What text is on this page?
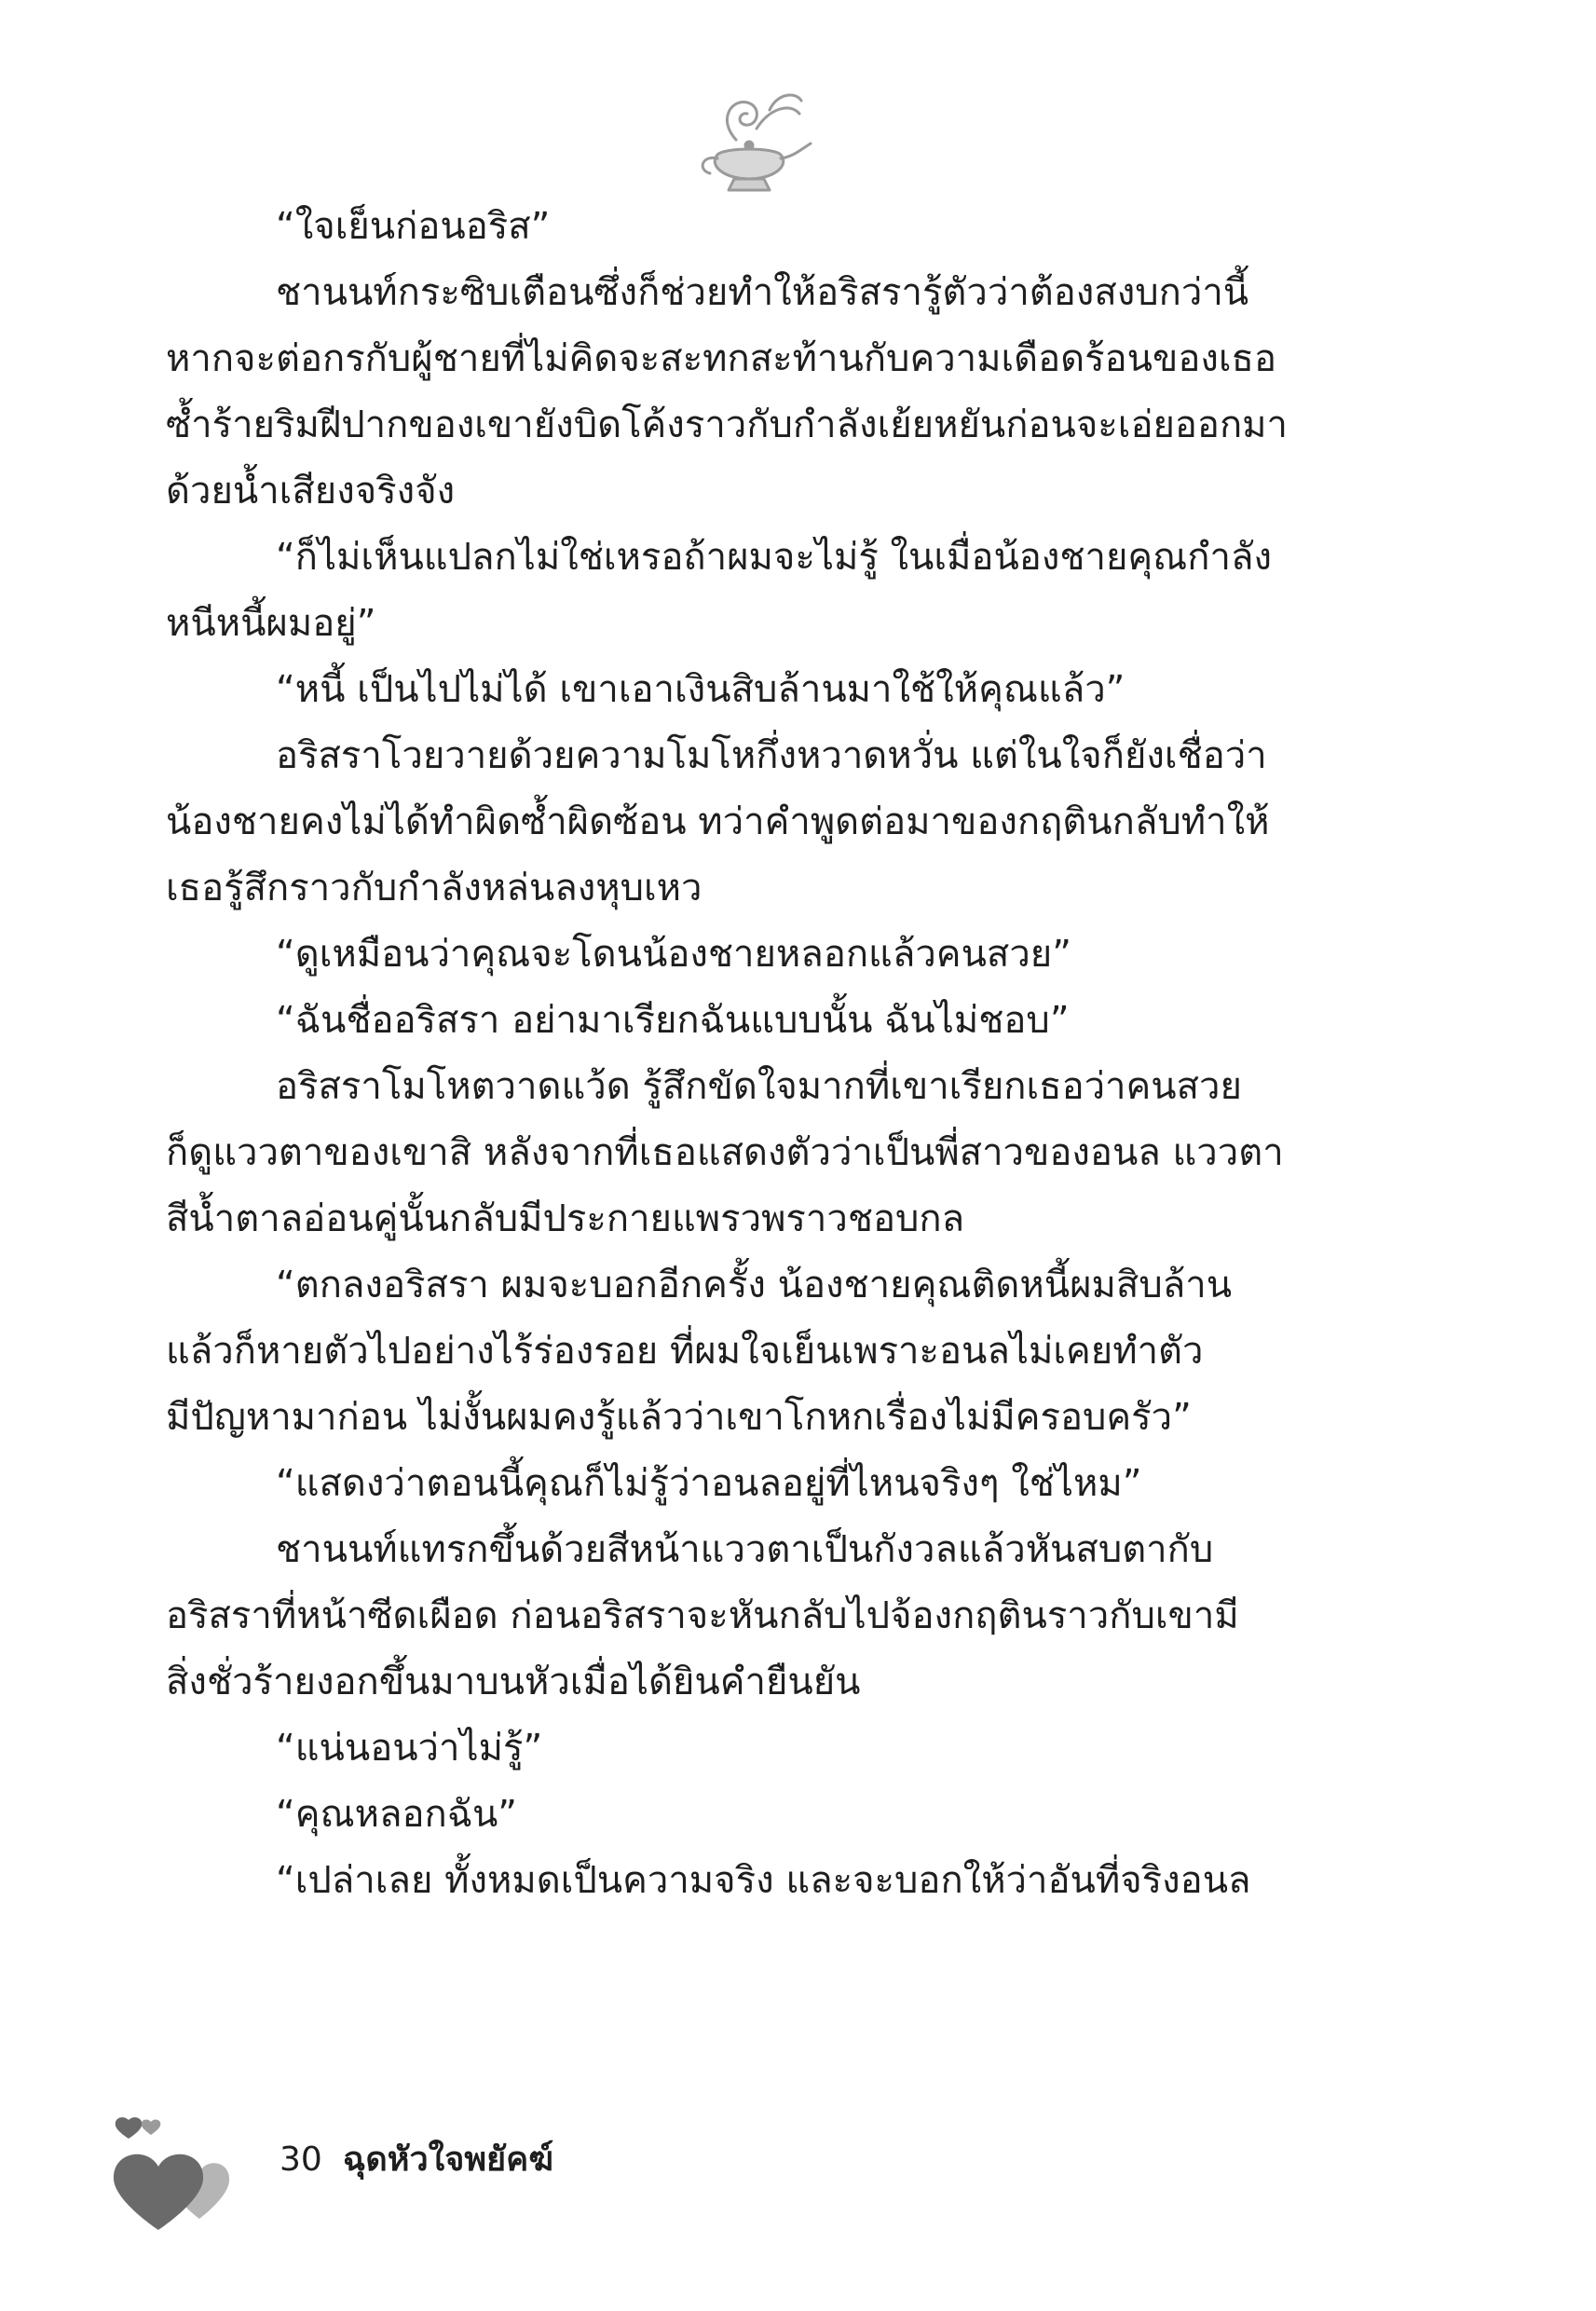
“ใจเย็นก่อนอริส”

ชานนท์กระซิบเตือนซึ่งก็ช่วยทำให้อริสรารู้ตัวว่าต้องสงบกว่านี้

หากจะต่อกรกับผู้ชายที่ไม่คิดจะสะทกสะท้านกับความเดือดร้อนของเธอ

ซ้ำร้ายริมฝีปากของเขายังบิดโค้งราวกับกำลังเย้ยหยันก่อนจะเอ่ยออกมา

ด้วยน้ำเสียงจริงจัง

“ก็ไม่เห็นแปลกไม่ใช่เหรอถ้าผมจะไม่รู้ ในเมื่อน้องชายคุณกำลัง

หนีหนี้ผมอยู่”

“หนี้ เป็นไปไม่ได้ เขาเอาเงินสิบล้านมาใช้ให้คุณแล้ว”

อริสราโวยวายด้วยความโมโหกึ่งหวาดหวั่น แต่ในใจก็ยังเชื่อว่า

น้องชายคงไม่ได้ทำผิดซ้ำผิดซ้อน ทว่าคำพูดต่อมาของกฤตินกลับทำให้

เธอรู้สึกราวกับกำลังหล่นลงหุบเหว

“ดูเหมือนว่าคุณจะโดนน้องชายหลอกแล้วคนสวย”

“ฉันชื่ออริสรา อย่ามาเรียกฉันแบบนั้น ฉันไม่ชอบ”

อริสราโมโหตวาดแว้ด รู้สึกขัดใจมากที่เขาเรียกเธอว่าคนสวย

ก็ดูแววตาของเขาสิ หลังจากที่เธอแสดงตัวว่าเป็นพี่สาวของอนล แววตา

สีน้ำตาลอ่อนคู่นั้นกลับมีประกายแพรวพราวชอบกล

“ตกลงอริสรา ผมจะบอกอีกครั้ง น้องชายคุณติดหนี้ผมสิบล้าน

แล้วก็หายตัวไปอย่างไร้ร่องรอย ที่ผมใจเย็นเพราะอนลไม่เคยทำตัว

มีปัญหามาก่อน ไม่งั้นผมคงรู้แล้วว่าเขาโกหกเรื่องไม่มีครอบครัว”

“แสดงว่าตอนนี้คุณก็ไม่รู้ว่าอนลอยู่ที่ไหนจริงๆ ใช่ไหม”

ชานนท์แทรกขึ้นด้วยสีหน้าแววตาเป็นกังวลแล้วหันสบตากับ

อริสราที่หน้าซีดเผือด ก่อนอริสราจะหันกลับไปจ้องกฤตินราวกับเขามี

สิ่งชั่วร้ายงอกขึ้นมาบนหัวเมื่อได้ยินคำยืนยัน

“แน่นอนว่าไม่รู้”

“คุณหลอกฉัน”

“เปล่าเลย ทั้งหมดเป็นความจริง และจะบอกให้ว่าอันที่จริงอนล

30 ฉุดหัวใจพยัคฆ์
